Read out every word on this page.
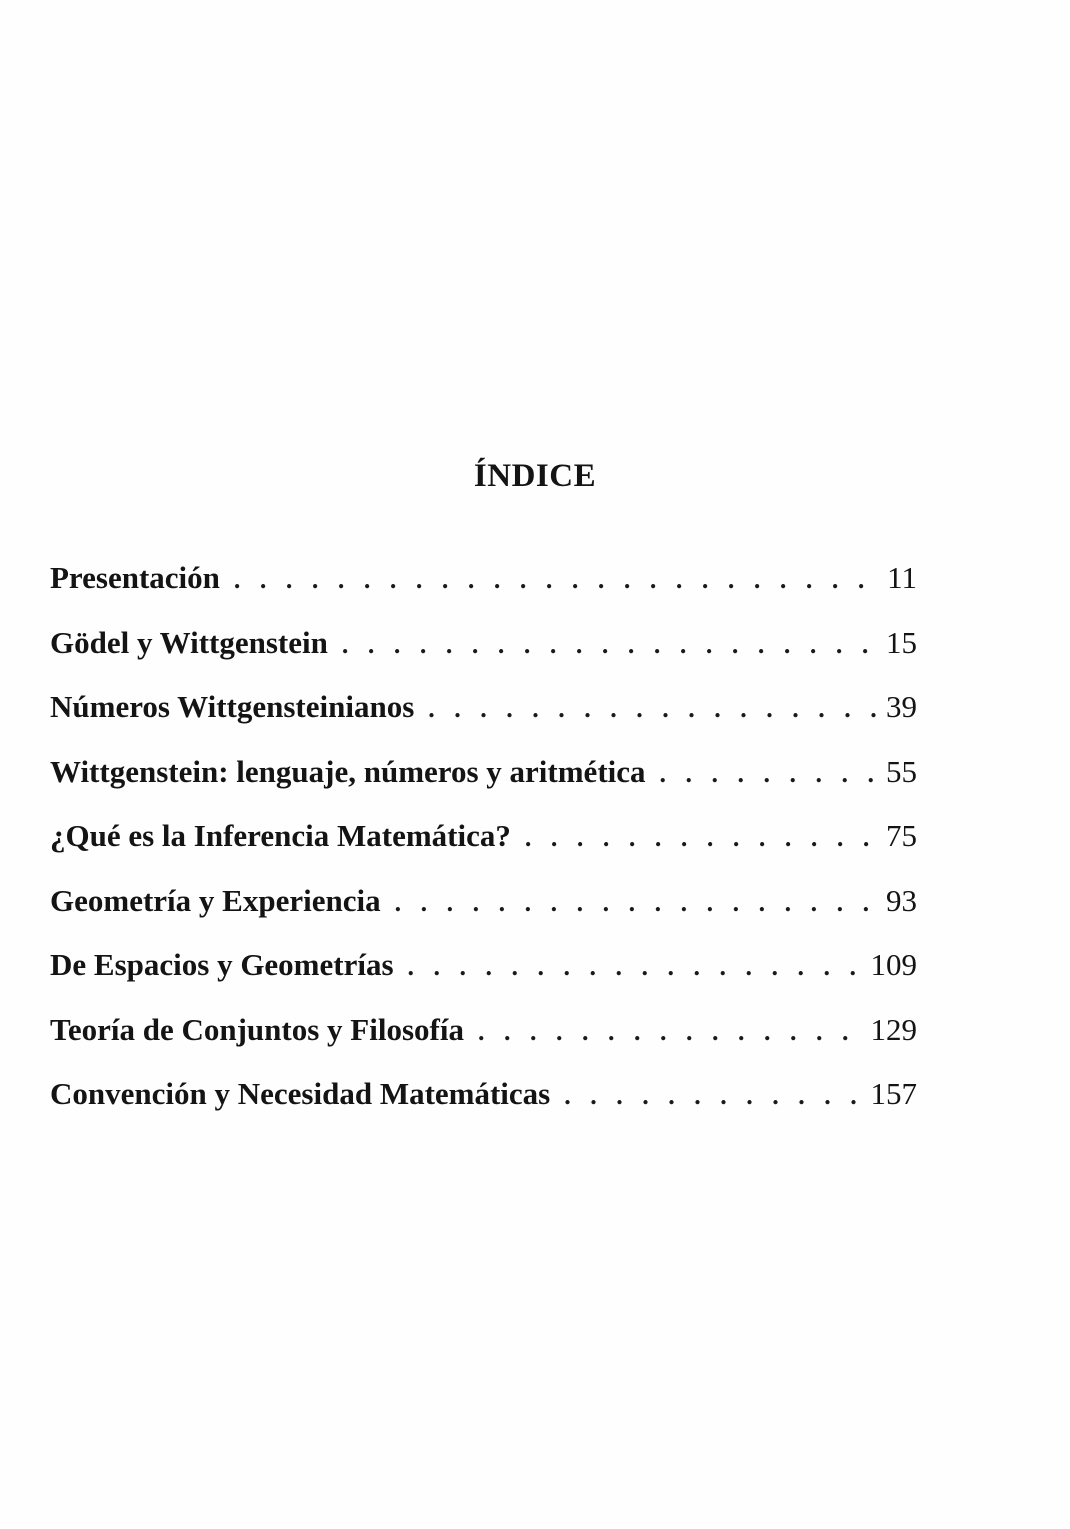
ÍNDICE
Presentación . . .	11
Gödel y Wittgenstein . . .	15
Números Wittgensteinianos . . .	39
Wittgenstein: lenguaje, números y aritmética . . .	55
¿Qué es la Inferencia Matemática? . . .	75
Geometría y Experiencia . . .	93
De Espacios y Geometrías . . .	109
Teoría de Conjuntos y Filosofía . . .	129
Convención y Necesidad Matemáticas . . .	157
